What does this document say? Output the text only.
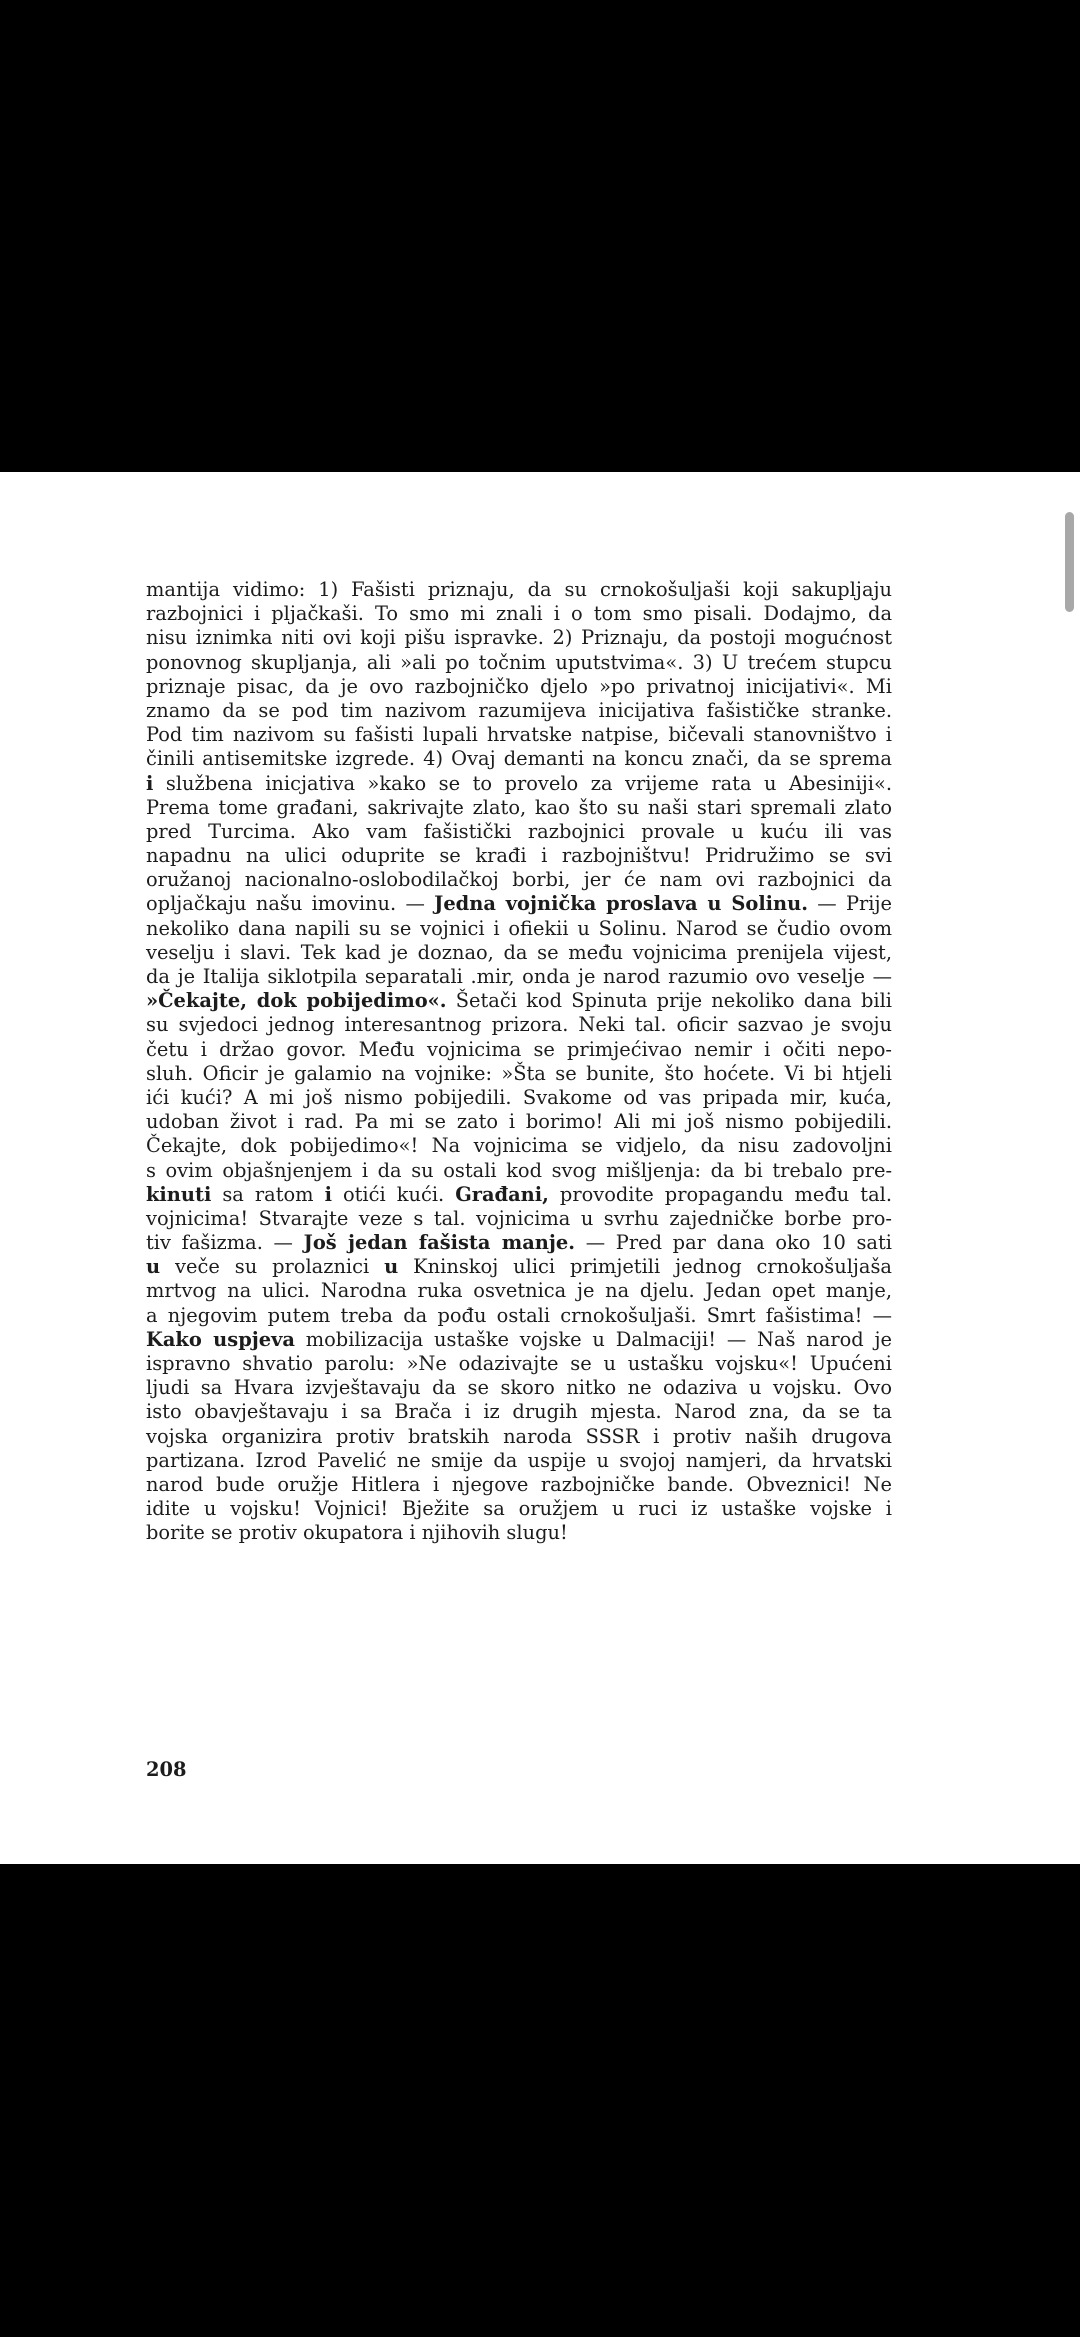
mantija vidimo: 1) Fašisti priznaju, da su crnokošuljaši koji sakupljaju
razbojnici i pljačkaši. To smo mi znali i o tom smo pisali. Dodajmo, da
nisu iznimka niti ovi koji pišu ispravke. 2) Priznaju, da postoji mogućnost
ponovnog skupljanja, ali »ali po točnim uputstvima«. 3) U trećem stupcu
priznaje pisac, da je ovo razbojničko djelo »po privatnoj inicijativi«. Mi
znamo da se pod tim nazivom razumijeva inicijativa fašističke stranke.
Pod tim nazivom su fašisti lupali hrvatske natpise, bičevali stanovništvo i
činili antisemitske izgrede. 4) Ovaj demanti na koncu znači, da se sprema
i službena inicjativa »kako se to provelo za vrijeme rata u Abesiniji«.
Prema tome građani, sakrivajte zlato, kao što su naši stari spremali zlato
pred Turcima. Ako vam fašistički razbojnici provale u kuću ili vas
napadnu na ulici oduprite se krađi i razbojništvu! Pridružimo se svi
oružanoj nacionalno-oslobodilačkoj borbi, jer će nam ovi razbojnici da
opljačkaju našu imovinu. — Jedna vojnička proslava u Solinu. — Prije
nekoliko dana napili su se vojnici i ofiekii u Solinu. Narod se čudio ovom
veselju i slavi. Tek kad je doznao, da se među vojnicima prenijela vijest,
da je Italija siklotpila separatali .mir, onda je narod razumio ovo veselje —
»Čekajte, dok pobijedimo«. Šetači kod Spinuta prije nekoliko dana bili
su svjedoci jednog interesantnog prizora. Neki tal. oficir sazvao je svoju
četu i držao govor. Među vojnicima se primjećivao nemir i očiti nepo-
sluh. Oficir je galamio na vojnike: »Šta se bunite, što hoćete. Vi bi htjeli
ići kući? A mi još nismo pobijedili. Svakome od vas pripada mir, kuća,
udoban život i rad. Pa mi se zato i borimo! Ali mi još nismo pobijedili.
Čekajte, dok pobijedimo«! Na vojnicima se vidjelo, da nisu zadovoljni
s ovim objašnjenjem i da su ostali kod svog mišljenja: da bi trebalo pre-
kinuti sa ratom i otići kući. Građani, provodite propagandu među tal.
vojnicima! Stvarajte veze s tal. vojnicima u svrhu zajedničke borbe pro-
tiv fašizma. — Još jedan fašista manje. — Pred par dana oko 10 sati
u veče su prolaznici u Kninskoj ulici primjetili jednog crnokošuljaša
mrtvog na ulici. Narodna ruka osvetnica je na djelu. Jedan opet manje,
a njegovim putem treba da pođu ostali crnokošuljaši. Smrt fašistima! —
Kako uspjeva mobilizacija ustaške vojske u Dalmaciji! — Naš narod je
ispravno shvatio parolu: »Ne odazivajte se u ustašku vojsku«! Upućeni
ljudi sa Hvara izvještavaju da se skoro nitko ne odaziva u vojsku. Ovo
isto obavještavaju i sa Brača i iz drugih mjesta. Narod zna, da se ta
vojska organizira protiv bratskih naroda SSSR i protiv naših drugova
partizana. Izrod Pavelić ne smije da uspije u svojoj namjeri, da hrvatski
narod bude oružje Hitlera i njegove razbojničke bande. Obveznici! Ne
idite u vojsku! Vojnici! Bježite sa oružjem u ruci iz ustaške vojske i
borite se protiv okupatora i njihovih slugu!
208
